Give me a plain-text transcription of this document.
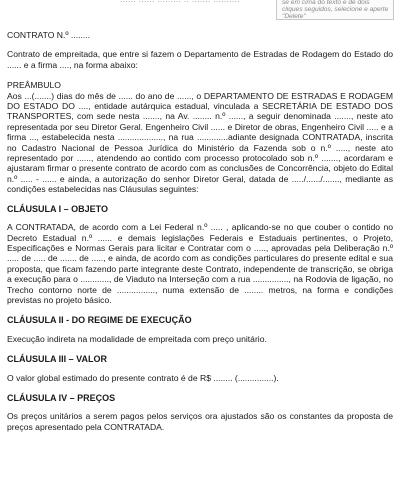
se em cima do texto e de dois cliques seguidos, selecione e aperte "Delete"

CONTRATO N.º ........

Contrato de empreitada, que entre si fazem o Departamento de Estradas de Rodagem do Estado do ...... e a firma ...., na forma abaixo:

PREÂMBULO

Aos ...(.......) dias do mês de ...... do ano de ......, o DEPARTAMENTO DE ESTRADAS E RODAGEM DO ESTADO DO ...., entidade autárquica estadual, vinculada a SECRETÁRIA DE ESTADO DOS TRANSPORTES, com sede nesta ......., na Av. ........ n.º ......, a seguir denominada ......., neste ato representada por seu Diretor Geral. Engenheiro Civil ...... e Diretor de obras, Engenheiro Civil ..... e a firma ..., estabelecida nesta ..................., na rua .............adiante designada CONTRATADA, inscrita no Cadastro Nacional de Pessoa Jurídica do Ministério da Fazenda sob o n.º ....., neste ato representado por ......, atendendo ao contido com processo protocolado sob n.º ......., acordaram e ajustaram firmar o presente contrato de acordo com as conclusões de Concorrência, objeto do Edital n.º ..... - ...... e ainda, a autorização do senhor Diretor Geral, datada de ...../....../......., mediante as condições estabelecidas nas Cláusulas seguintes:

CLÁUSULA I – OBJETO

A CONTRATADA, de acordo com a Lei Federal n.º ..... , aplicando-se no que couber o contido no Decreto Estadual n.º ...... e demais legislações Federais e Estaduais pertinentes, o Projeto, Especificações e Normas Gerais para licitar e Contratar com o ....., aprovadas pela Deliberação n.º ..... de ..... de ....... de ....., e ainda, de acordo com as condições particulares do presente edital e sua proposta, que ficam fazendo parte integrante deste Contrato, independente de transcrição, se obriga a execução para o ............, de Viaduto na Interseção com a rua ..............., na Rodovia de ligação, no Trecho contorno norte de ................, numa extensão de ........ metros, na forma e condições previstas no projeto básico.

CLÁUSULA II - DO REGIME DE EXECUÇÃO

Execução indireta na modalidade de empreitada com preço unitário.

CLÁUSULA III – VALOR

O valor global estimado do presente contrato é de R$ ........ (...............).

CLÁUSULA IV – PREÇOS

Os preços unitários a serem pagos pelos serviços ora ajustados são os constantes da proposta de preços apresentado pela CONTRATADA.
